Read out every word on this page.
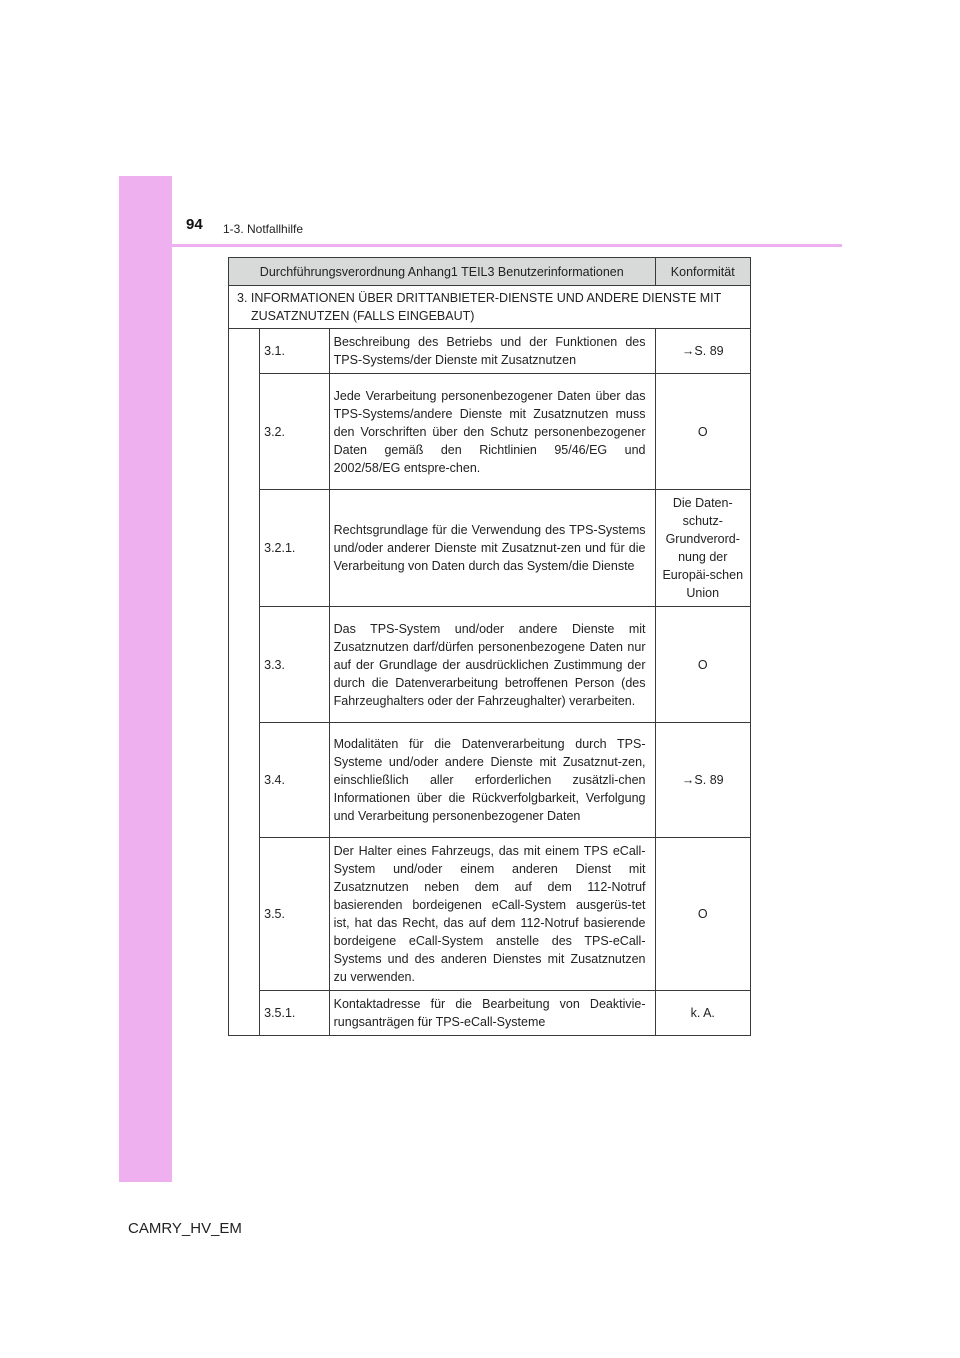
94 1-3. Notfallhilfe
Durchführungsverordnung Anhang1 TEIL3 Benutzerinformationen			Konformität

3. INFORMATIONEN ÜBER DRITTANBIETER-DIENSTE UND ANDERE DIENSTE MIT ZUSATZNUTZEN (FALLS EINGEBAUT)			

	3.1.	Beschreibung des Betriebs und der Funktionen des TPS-Systems/der Dienste mit Zusatznutzen	→S. 89
	3.2.	Jede Verarbeitung personenbezogener Daten über das TPS-Systems/andere Dienste mit Zusatznutzen muss den Vorschriften über den Schutz personenbezogener Daten gemäß den Richtlinien 95/46/EG und 2002/58/EG entspre-chen.	O
	3.2.1.	Rechtsgrundlage für die Verwendung des TPS-Systems und/oder anderer Dienste mit Zusatznut-zen und für die Verarbeitung von Daten durch das System/die Dienste	Die Daten-schutz-Grundverord-nung der Europäi-schen Union
	3.3.	Das TPS-System und/oder andere Dienste mit Zusatznutzen darf/dürfen personenbezogene Daten nur auf der Grundlage der ausdrücklichen Zustimmung der durch die Datenverarbeitung betroffenen Person (des Fahrzeughalters oder der Fahrzeughalter) verarbeiten.	O
	3.4.	Modalitäten für die Datenverarbeitung durch TPS-Systeme und/oder andere Dienste mit Zusatznut-zen, einschließlich aller erforderlichen zusätzli-chen Informationen über die Rückverfolgbarkeit, Verfolgung und Verarbeitung personenbezogener Daten	→S. 89
	3.5.	Der Halter eines Fahrzeugs, das mit einem TPS eCall-System und/oder einem anderen Dienst mit Zusatznutzen neben dem auf dem 112-Notruf basierenden bordeigenen eCall-System ausgerüs-tet ist, hat das Recht, das auf dem 112-Notruf basierende bordeigene eCall-System anstelle des TPS-eCall-Systems und des anderen Dienstes mit Zusatznutzen zu verwenden.	O
	3.5.1.	Kontaktadresse für die Bearbeitung von Deaktivie-rungsanträgen für TPS-eCall-Systeme	k. A.
CAMRY_HV_EM
